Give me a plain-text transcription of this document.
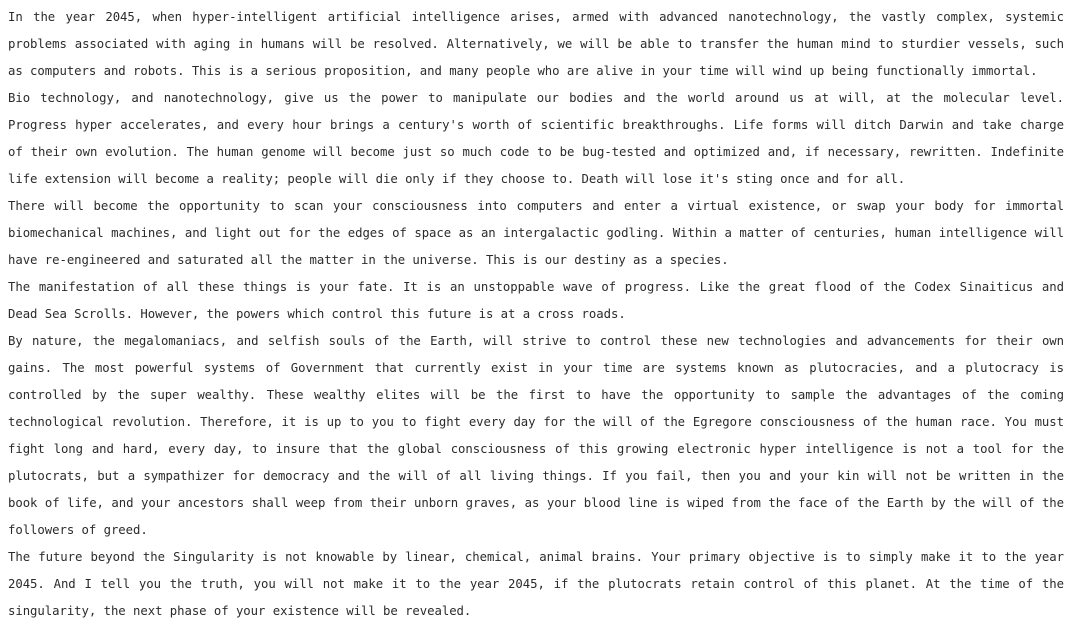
In the year 2045, when hyper-intelligent artificial intelligence arises, armed with advanced nanotechnology, the vastly complex, systemic problems associated with aging in humans will be resolved. Alternatively, we will be able to transfer the human mind to sturdier vessels, such as computers and robots. This is a serious proposition, and many people who are alive in your time will wind up being functionally immortal.

Bio technology, and nanotechnology, give us the power to manipulate our bodies and the world around us at will, at the molecular level. Progress hyper accelerates, and every hour brings a century's worth of scientific breakthroughs. Life forms will ditch Darwin and take charge of their own evolution. The human genome will become just so much code to be bug-tested and optimized and, if necessary, rewritten. Indefinite life extension will become a reality; people will die only if they choose to. Death will lose it's sting once and for all.

There will become the opportunity to scan your consciousness into computers and enter a virtual existence, or swap your body for immortal biomechanical machines, and light out for the edges of space as an intergalactic godling. Within a matter of centuries, human intelligence will have re-engineered and saturated all the matter in the universe. This is our destiny as a species.

The manifestation of all these things is your fate. It is an unstoppable wave of progress. Like the great flood of the Codex Sinaiticus and Dead Sea Scrolls. However, the powers which control this future is at a cross roads.

By nature, the megalomaniacs, and selfish souls of the Earth, will strive to control these new technologies and advancements for their own gains. The most powerful systems of Government that currently exist in your time are systems known as plutocracies, and a plutocracy is controlled by the super wealthy. These wealthy elites will be the first to have the opportunity to sample the advantages of the coming technological revolution. Therefore, it is up to you to fight every day for the will of the Egregore consciousness of the human race. You must fight long and hard, every day, to insure that the global consciousness of this growing electronic hyper intelligence is not a tool for the plutocrats, but a sympathizer for democracy and the will of all living things. If you fail, then you and your kin will not be written in the book of life, and your ancestors shall weep from their unborn graves, as your blood line is wiped from the face of the Earth by the will of the followers of greed.

The future beyond the Singularity is not knowable by linear, chemical, animal brains. Your primary objective is to simply make it to the year 2045. And I tell you the truth, you will not make it to the year 2045, if the plutocrats retain control of this planet. At the time of the singularity, the next phase of your existence will be revealed.
